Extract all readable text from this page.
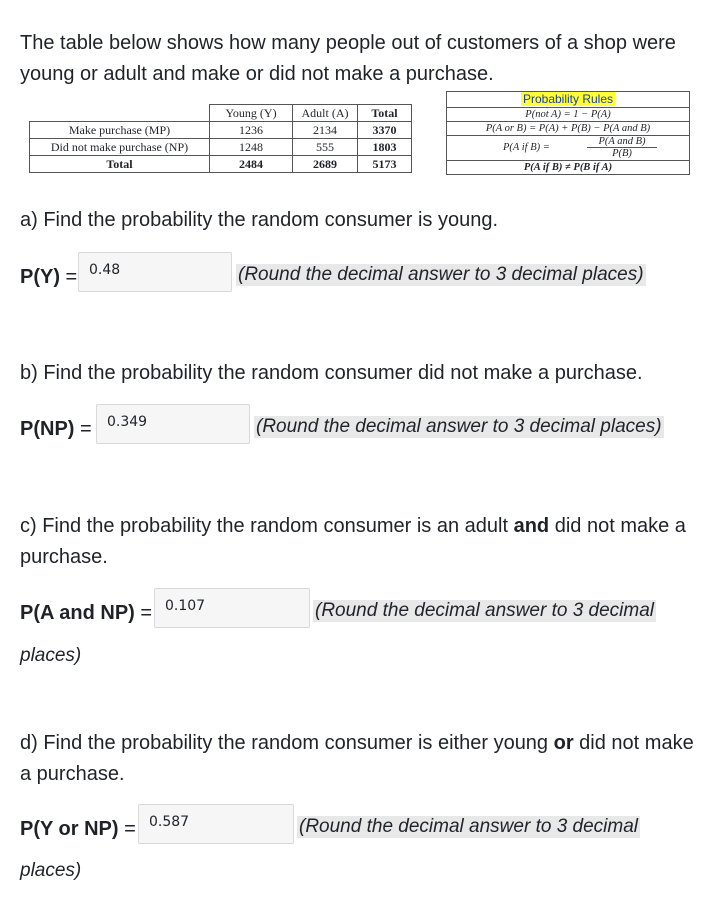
The table below shows how many people out of customers of a shop were young or adult and make or did not make a purchase.
	Young (Y)	Adult (A)	Total
Make purchase (MP)	1236	2134	3370
Did not make purchase (NP)	1248	555	1803
Total	2484	2689	5173
Probability Rules
P(not A) = 1 − P(A)
P(A or B) = P(A) + P(B) − P(A and B)
P(A if B) =
P(A and B)
P(B)
P(A if B) ≠ P(B if A)
a) Find the probability the random consumer is young.
P(Y) = 0.48	(Round the decimal answer to 3 decimal places)
b) Find the probability the random consumer did not make a purchase.
P(NP) =	0.349	(Round the decimal answer to 3 decimal places)
c) Find the probability the random consumer is an adult and did not make a purchase.
P(A and NP) = 0.107	(Round the decimal answer to 3 decimal
places)
d) Find the probability the random consumer is either young or did not make a purchase.
P(Y or NP) = 0.587	(Round the decimal answer to 3 decimal
places)
